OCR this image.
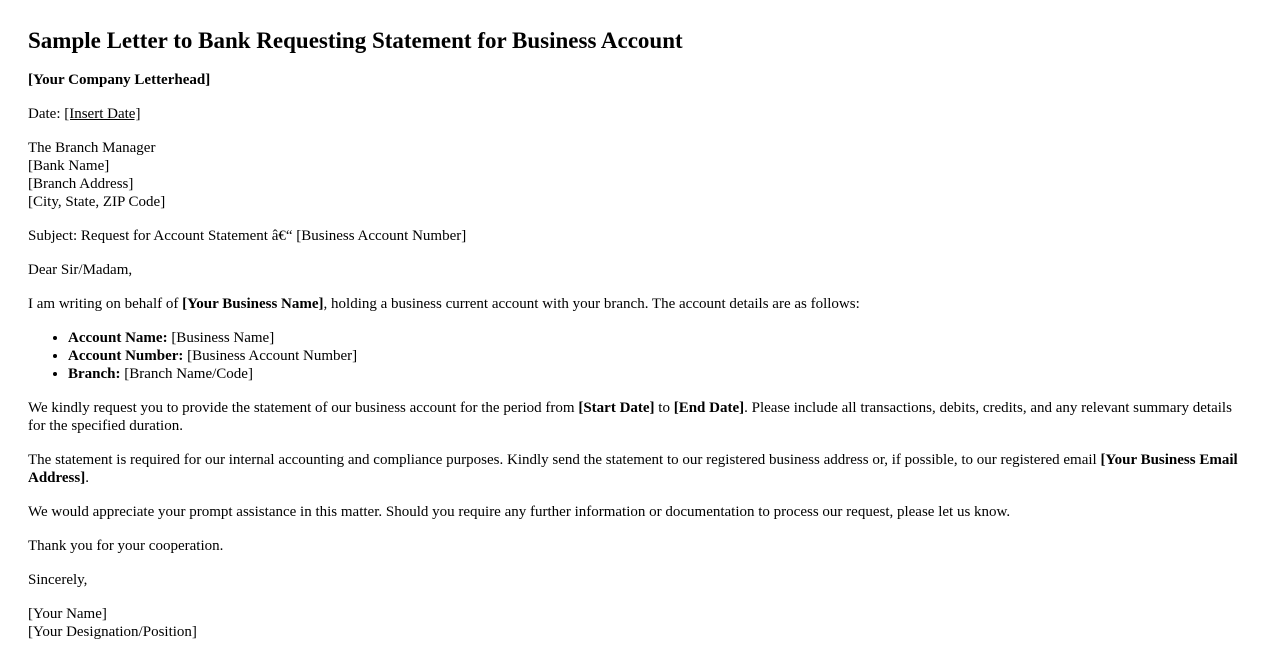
Sample Letter to Bank Requesting Statement for Business Account

[Your Company Letterhead]

Date: [Insert Date]

The Branch Manager
[Bank Name]
[Branch Address]
[City, State, ZIP Code]

Subject: Request for Account Statement â€“ [Business Account Number]

Dear Sir/Madam,

I am writing on behalf of [Your Business Name], holding a business current account with your branch. The account details are as follows:

• Account Name: [Business Name]
• Account Number: [Business Account Number]
• Branch: [Branch Name/Code]

We kindly request you to provide the statement of our business account for the period from [Start Date] to [End Date]. Please include all transactions, debits, credits, and any relevant summary details for the specified duration.

The statement is required for our internal accounting and compliance purposes. Kindly send the statement to our registered business address or, if possible, to our registered email [Your Business Email Address].

We would appreciate your prompt assistance in this matter. Should you require any further information or documentation to process our request, please let us know.

Thank you for your cooperation.

Sincerely,

[Your Name]
[Your Designation/Position]
